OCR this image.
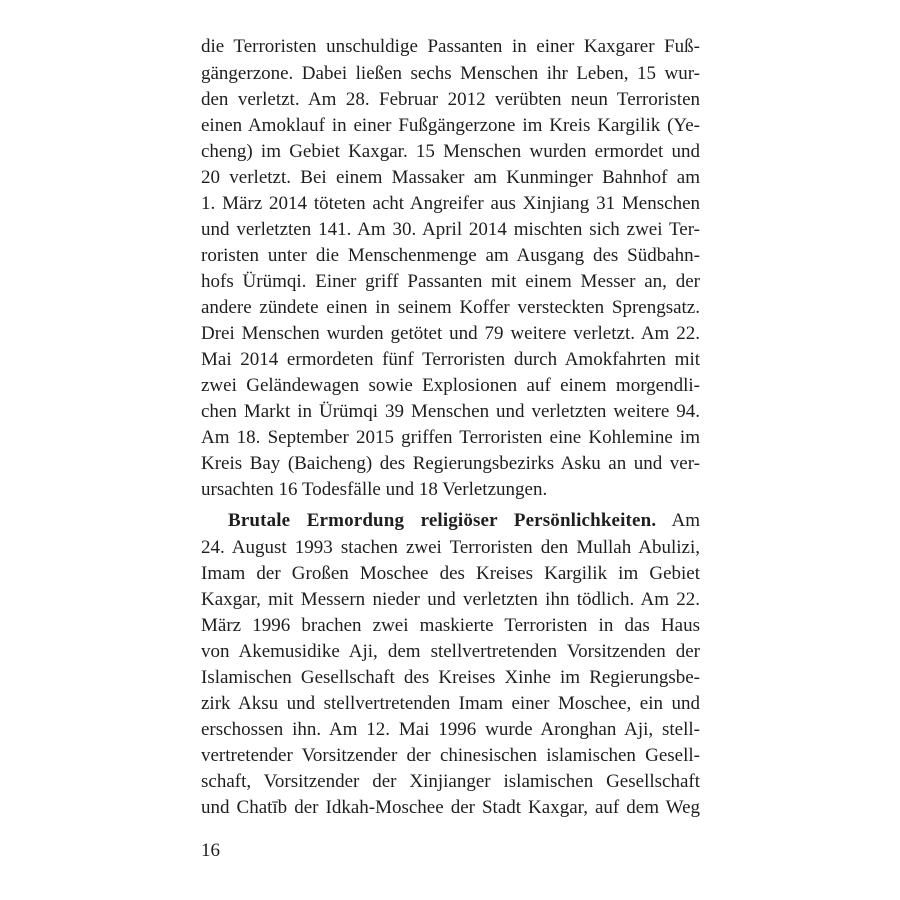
die Terroristen unschuldige Passanten in einer Kaxgarer Fuß-
gängerzone. Dabei ließen sechs Menschen ihr Leben, 15 wur-
den verletzt. Am 28. Februar 2012 verübten neun Terroristen
einen Amoklauf in einer Fußgängerzone im Kreis Kargilik (Ye-
cheng) im Gebiet Kaxgar. 15 Menschen wurden ermordet und
20 verletzt. Bei einem Massaker am Kunminger Bahnhof am
1. März 2014 töteten acht Angreifer aus Xinjiang 31 Menschen
und verletzten 141. Am 30. April 2014 mischten sich zwei Ter-
roristen unter die Menschenmenge am Ausgang des Südbahn-
hofs Ürümqi. Einer griff Passanten mit einem Messer an, der
andere zündete einen in seinem Koffer versteckten Sprengsatz.
Drei Menschen wurden getötet und 79 weitere verletzt. Am 22.
Mai 2014 ermordeten fünf Terroristen durch Amokfahrten mit
zwei Geländewagen sowie Explosionen auf einem morgendli-
chen Markt in Ürümqi 39 Menschen und verletzten weitere 94.
Am 18. September 2015 griffen Terroristen eine Kohlemine im
Kreis Bay (Baicheng) des Regierungsbezirks Asku an und ver-
ursachten 16 Todesfälle und 18 Verletzungen.
Brutale Ermordung religiöser Persönlichkeiten. Am
24. August 1993 stachen zwei Terroristen den Mullah Abulizi,
Imam der Großen Moschee des Kreises Kargilik im Gebiet
Kaxgar, mit Messern nieder und verletzten ihn tödlich. Am 22.
März 1996 brachen zwei maskierte Terroristen in das Haus
von Akemusidike Aji, dem stellvertretenden Vorsitzenden der
Islamischen Gesellschaft des Kreises Xinhe im Regierungsbe-
zirk Aksu und stellvertretenden Imam einer Moschee, ein und
erschossen ihn. Am 12. Mai 1996 wurde Aronghan Aji, stell-
vertretender Vorsitzender der chinesischen islamischen Gesell-
schaft, Vorsitzender der Xinjianger islamischen Gesellschaft
und Chatīb der Idkah-Moschee der Stadt Kaxgar, auf dem Weg
16
